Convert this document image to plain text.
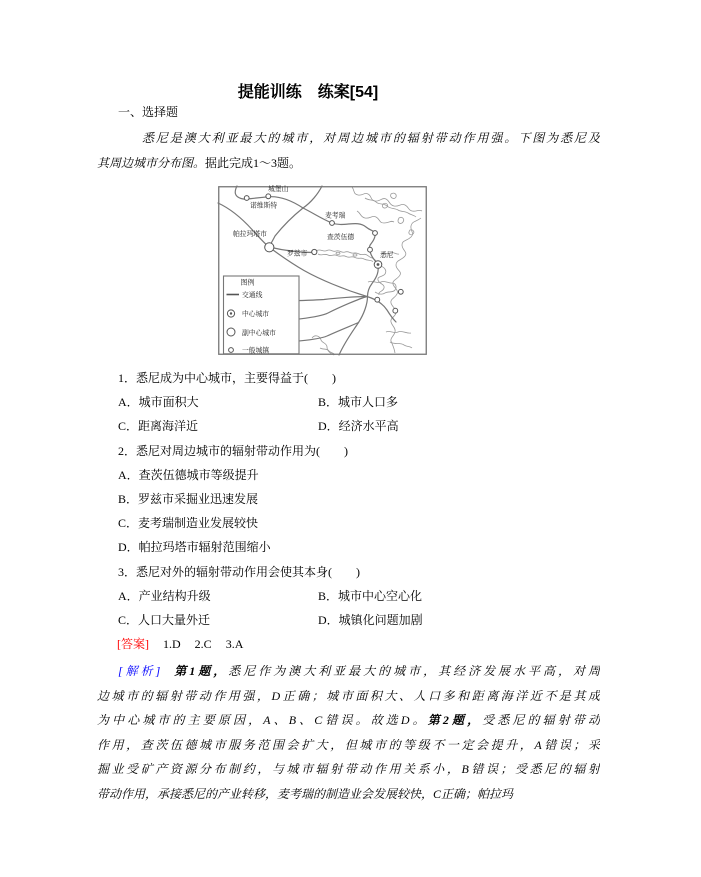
提能训练　练案[54]
一、选择题
悉尼是澳大利亚最大的城市，对周边城市的辐射带动作用强。下图为悉尼及
其周边城市分布图。据此完成1～3题。
图例
交通线
中心城市
副中心城市
一般城镇
城堡山
诺维斯特
麦考瑞
查茨伍德
帕拉玛塔市
罗兹市	悉尼
1．悉尼成为中心城市，主要得益于(　　)
A．城市面积大	B．城市人口多
C．距离海洋近	D．经济水平高
2．悉尼对周边城市的辐射带动作用为(　　)
A．查茨伍德城市等级提升
B．罗兹市采掘业迅速发展
C．麦考瑞制造业发展较快
D．帕拉玛塔市辐射范围缩小
3．悉尼对外的辐射带动作用会使其本身(　　)
A．产业结构升级	B．城市中心空心化
C．人口大量外迁	D．城镇化问题加剧
[答案] 1.D 2.C 3.A
[解析] 第1题，悉尼作为澳大利亚最大的城市，其经济发展水平高，对周
边城市的辐射带动作用强，D正确；城市面积大、人口多和距离海洋近不是其成
为中心城市的主要原因，A、B、C错误。故选D。第2题，受悉尼的辐射带动
作用，查茨伍德城市服务范围会扩大，但城市的等级不一定会提升，A错误；采
掘业受矿产资源分布制约，与城市辐射带动作用关系小，B错误；受悉尼的辐射
带动作用，承接悉尼的产业转移，麦考瑞的制造业会发展较快，C正确；帕拉玛
